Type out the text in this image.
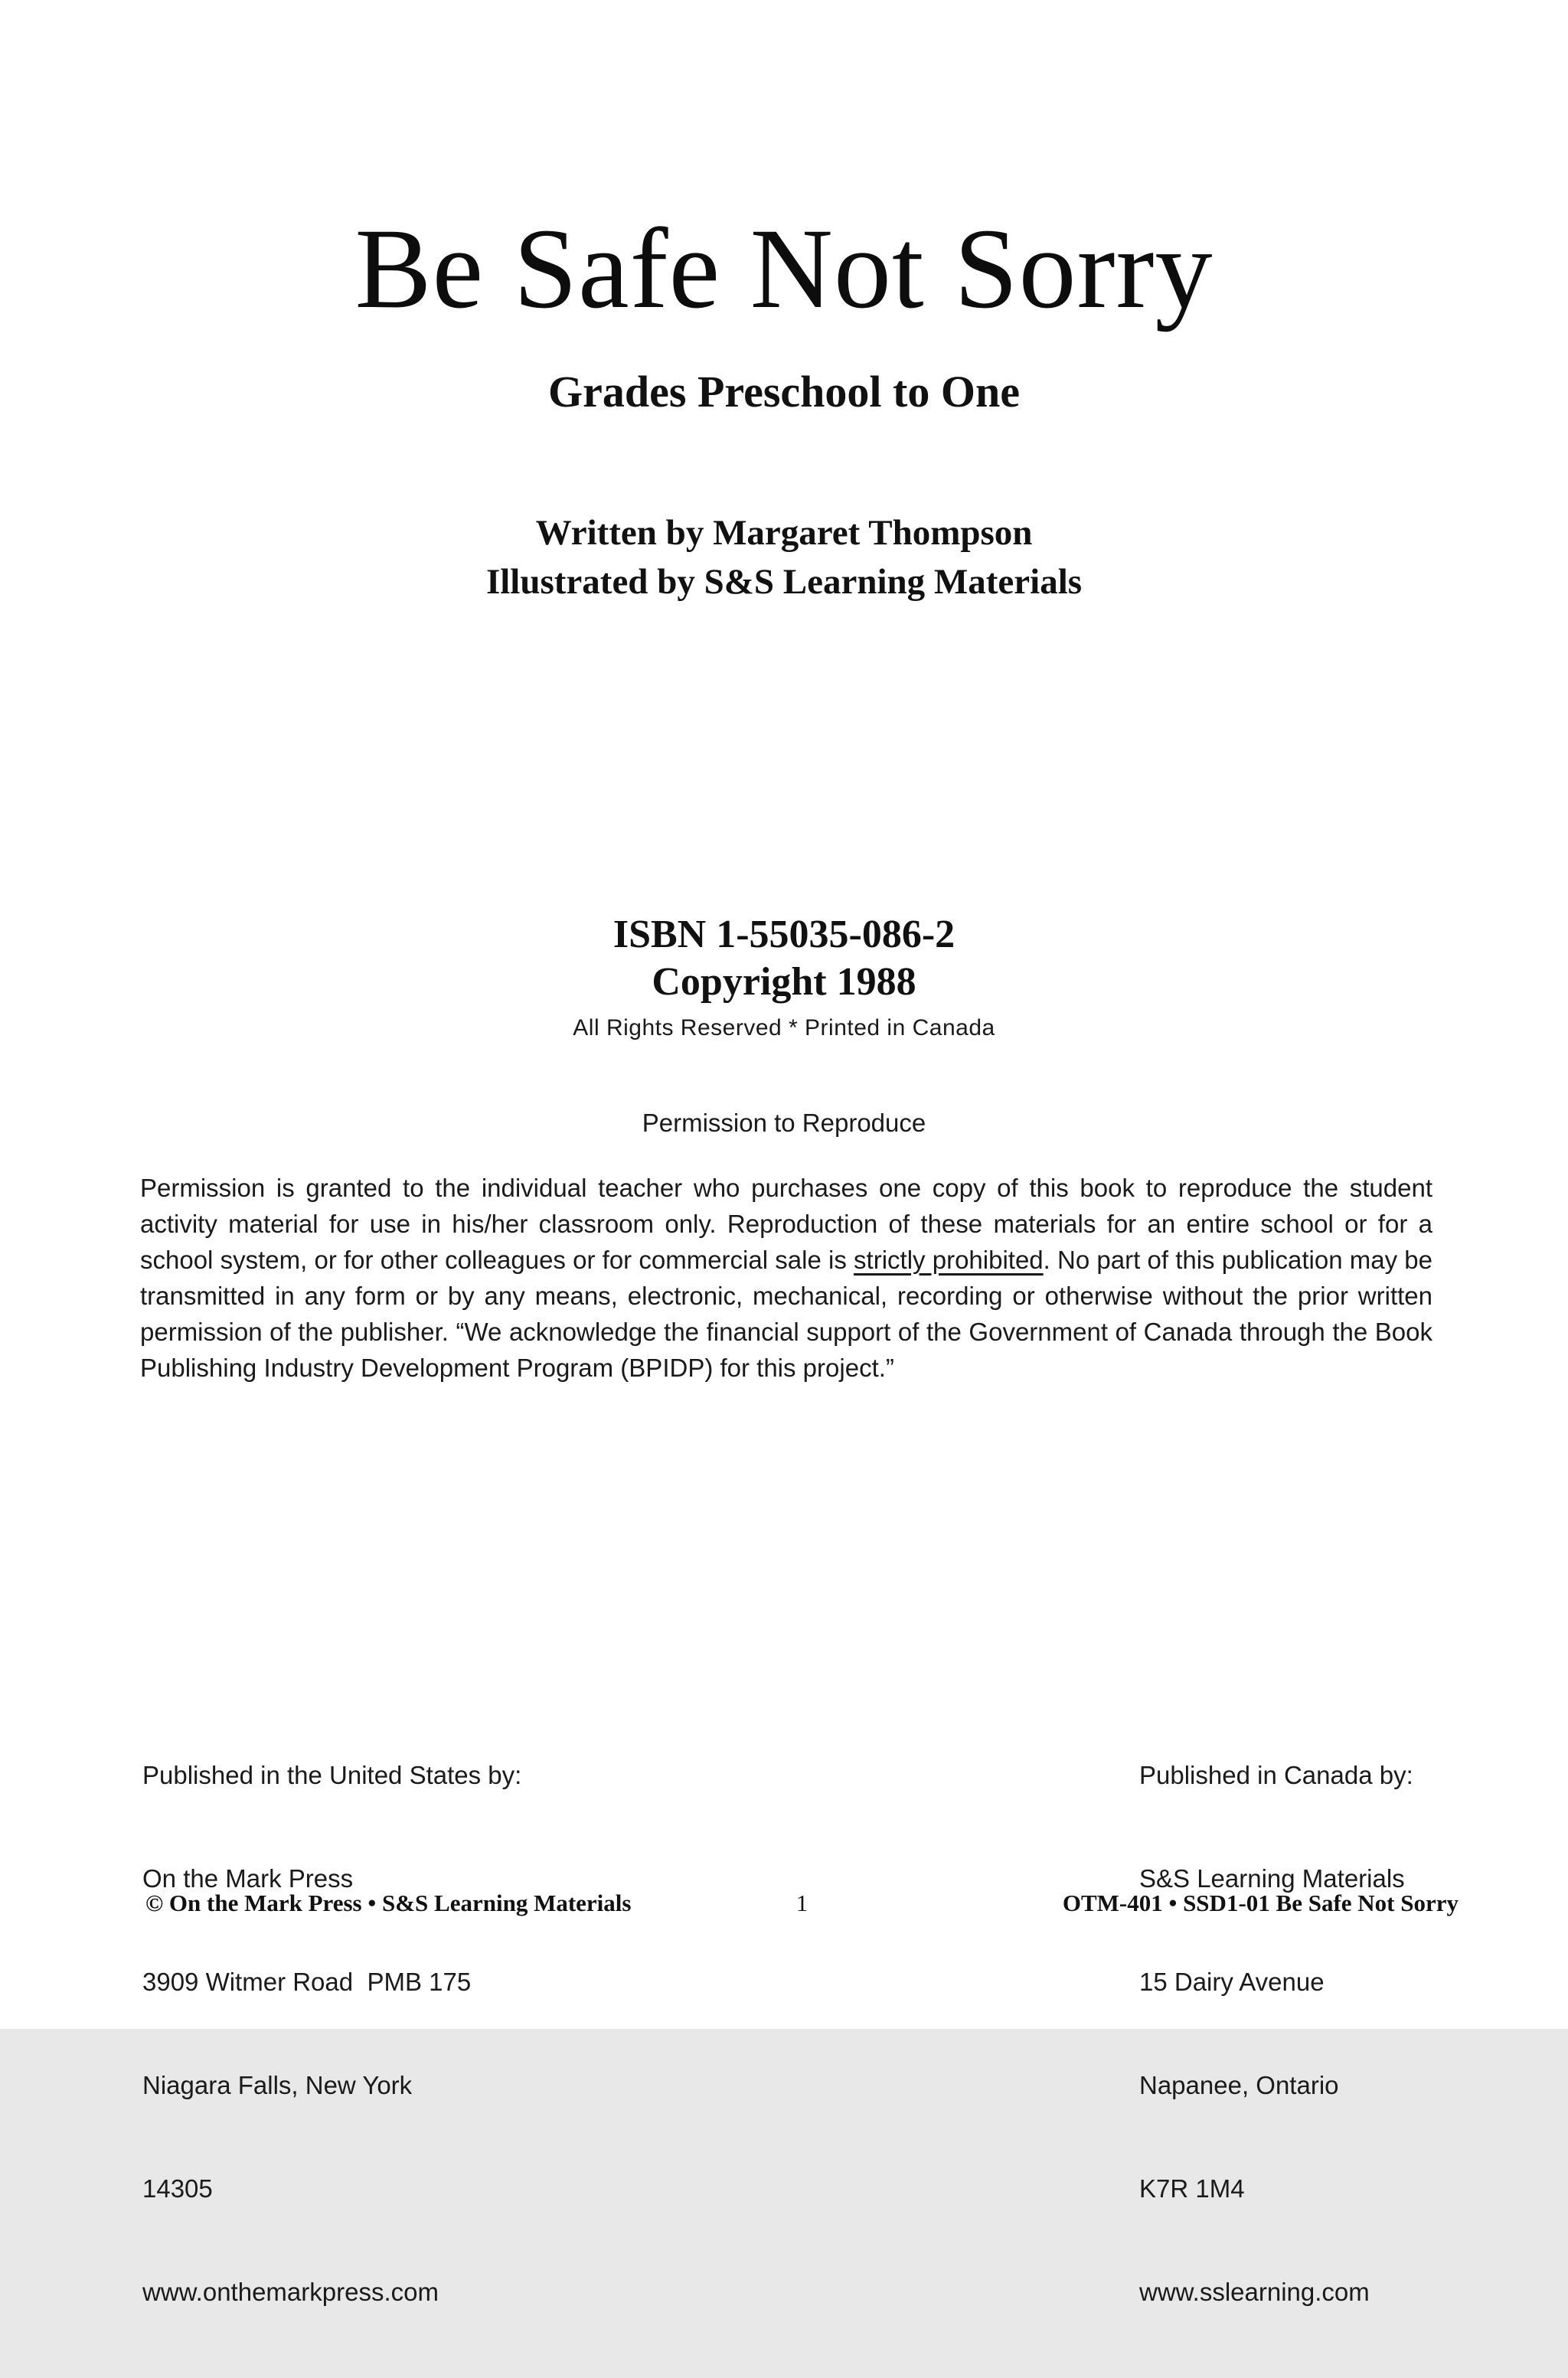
Be Safe Not Sorry
Grades Preschool to One
Written by Margaret Thompson
Illustrated by S&S Learning Materials
ISBN 1-55035-086-2
Copyright 1988
All Rights Reserved * Printed in Canada
Permission to Reproduce

Permission is granted to the individual teacher who purchases one copy of this book to reproduce the student activity material for use in his/her classroom only. Reproduction of these materials for an entire school or for a school system, or for other colleagues or for commercial sale is strictly prohibited. No part of this publication may be transmitted in any form or by any means, electronic, mechanical, recording or otherwise without the prior written permission of the publisher. “We acknowledge the financial support of the Government of Canada through the Book Publishing Industry Development Program (BPIDP) for this project.”

Published in the United States by:

On the Mark Press

3909 Witmer Road  PMB 175

Niagara Falls, New York

14305

www.onthemarkpress.com

Published in Canada by:

S&S Learning Materials

15 Dairy Avenue

Napanee, Ontario

K7R 1M4

www.sslearning.com

© On the Mark Press • S&S Learning Materials	1	OTM-401 • SSD1-01 Be Safe Not Sorry
